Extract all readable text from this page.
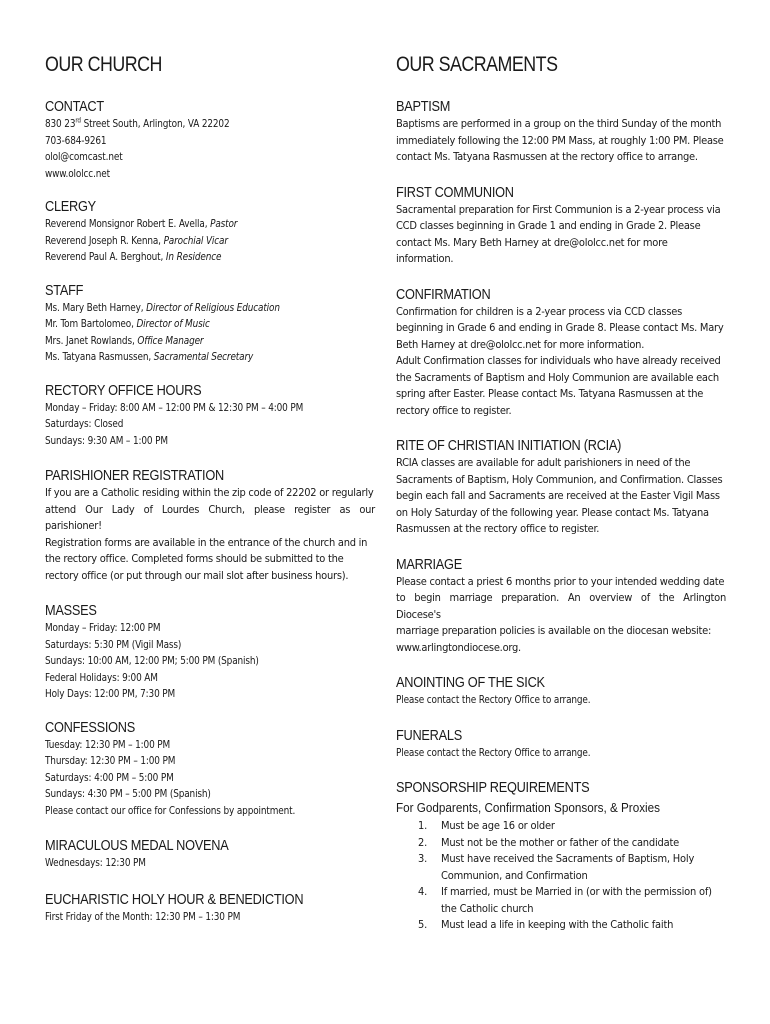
OUR CHURCH
CONTACT
830 23rd Street South, Arlington, VA 22202
703-684-9261
olol@comcast.net
www.ololcc.net
CLERGY
Reverend Monsignor Robert E. Avella, Pastor
Reverend Joseph R. Kenna, Parochial Vicar
Reverend Paul A. Berghout, In Residence
STAFF
Ms. Mary Beth Harney, Director of Religious Education
Mr. Tom Bartolomeo, Director of Music
Mrs. Janet Rowlands, Office Manager
Ms. Tatyana Rasmussen, Sacramental Secretary
RECTORY OFFICE HOURS
Monday – Friday: 8:00 AM – 12:00 PM & 12:30 PM – 4:00 PM
Saturdays: Closed
Sundays: 9:30 AM – 1:00 PM
PARISHIONER REGISTRATION
If you are a Catholic residing within the zip code of 22202 or regularly
attend Our Lady of Lourdes Church, please register as our parishioner!
Registration forms are available in the entrance of the church and in
the rectory office. Completed forms should be submitted to the
rectory office (or put through our mail slot after business hours).
MASSES
Monday – Friday: 12:00 PM
Saturdays: 5:30 PM (Vigil Mass)
Sundays: 10:00 AM, 12:00 PM; 5:00 PM (Spanish)
Federal Holidays: 9:00 AM
Holy Days: 12:00 PM, 7:30 PM
CONFESSIONS
Tuesday: 12:30 PM – 1:00 PM
Thursday: 12:30 PM – 1:00 PM
Saturdays: 4:00 PM – 5:00 PM
Sundays: 4:30 PM – 5:00 PM (Spanish)
Please contact our office for Confessions by appointment.
MIRACULOUS MEDAL NOVENA
Wednesdays: 12:30 PM
EUCHARISTIC HOLY HOUR & BENEDICTION
First Friday of the Month: 12:30 PM – 1:30 PM
OUR SACRAMENTS
BAPTISM
Baptisms are performed in a group on the third Sunday of the month
immediately following the 12:00 PM Mass, at roughly 1:00 PM. Please
contact Ms. Tatyana Rasmussen at the rectory office to arrange.
FIRST COMMUNION
Sacramental preparation for First Communion is a 2-year process via
CCD classes beginning in Grade 1 and ending in Grade 2. Please
contact Ms. Mary Beth Harney at dre@ololcc.net for more
information.
CONFIRMATION
Confirmation for children is a 2-year process via CCD classes
beginning in Grade 6 and ending in Grade 8. Please contact Ms. Mary
Beth Harney at dre@ololcc.net for more information.
Adult Confirmation classes for individuals who have already received
the Sacraments of Baptism and Holy Communion are available each
spring after Easter. Please contact Ms. Tatyana Rasmussen at the
rectory office to register.
RITE OF CHRISTIAN INITIATION (RCIA)
RCIA classes are available for adult parishioners in need of the
Sacraments of Baptism, Holy Communion, and Confirmation. Classes
begin each fall and Sacraments are received at the Easter Vigil Mass
on Holy Saturday of the following year. Please contact Ms. Tatyana
Rasmussen at the rectory office to register.
MARRIAGE
Please contact a priest 6 months prior to your intended wedding date
to begin marriage preparation. An overview of the Arlington Diocese's
marriage preparation policies is available on the diocesan website:
www.arlingtondiocese.org.
ANOINTING OF THE SICK
Please contact the Rectory Office to arrange.
FUNERALS
Please contact the Rectory Office to arrange.
SPONSORSHIP REQUIREMENTS
For Godparents, Confirmation Sponsors, & Proxies
1. Must be age 16 or older
2. Must not be the mother or father of the candidate
3. Must have received the Sacraments of Baptism, Holy
Communion, and Confirmation
4. If married, must be Married in (or with the permission of)
the Catholic church
5. Must lead a life in keeping with the Catholic faith
